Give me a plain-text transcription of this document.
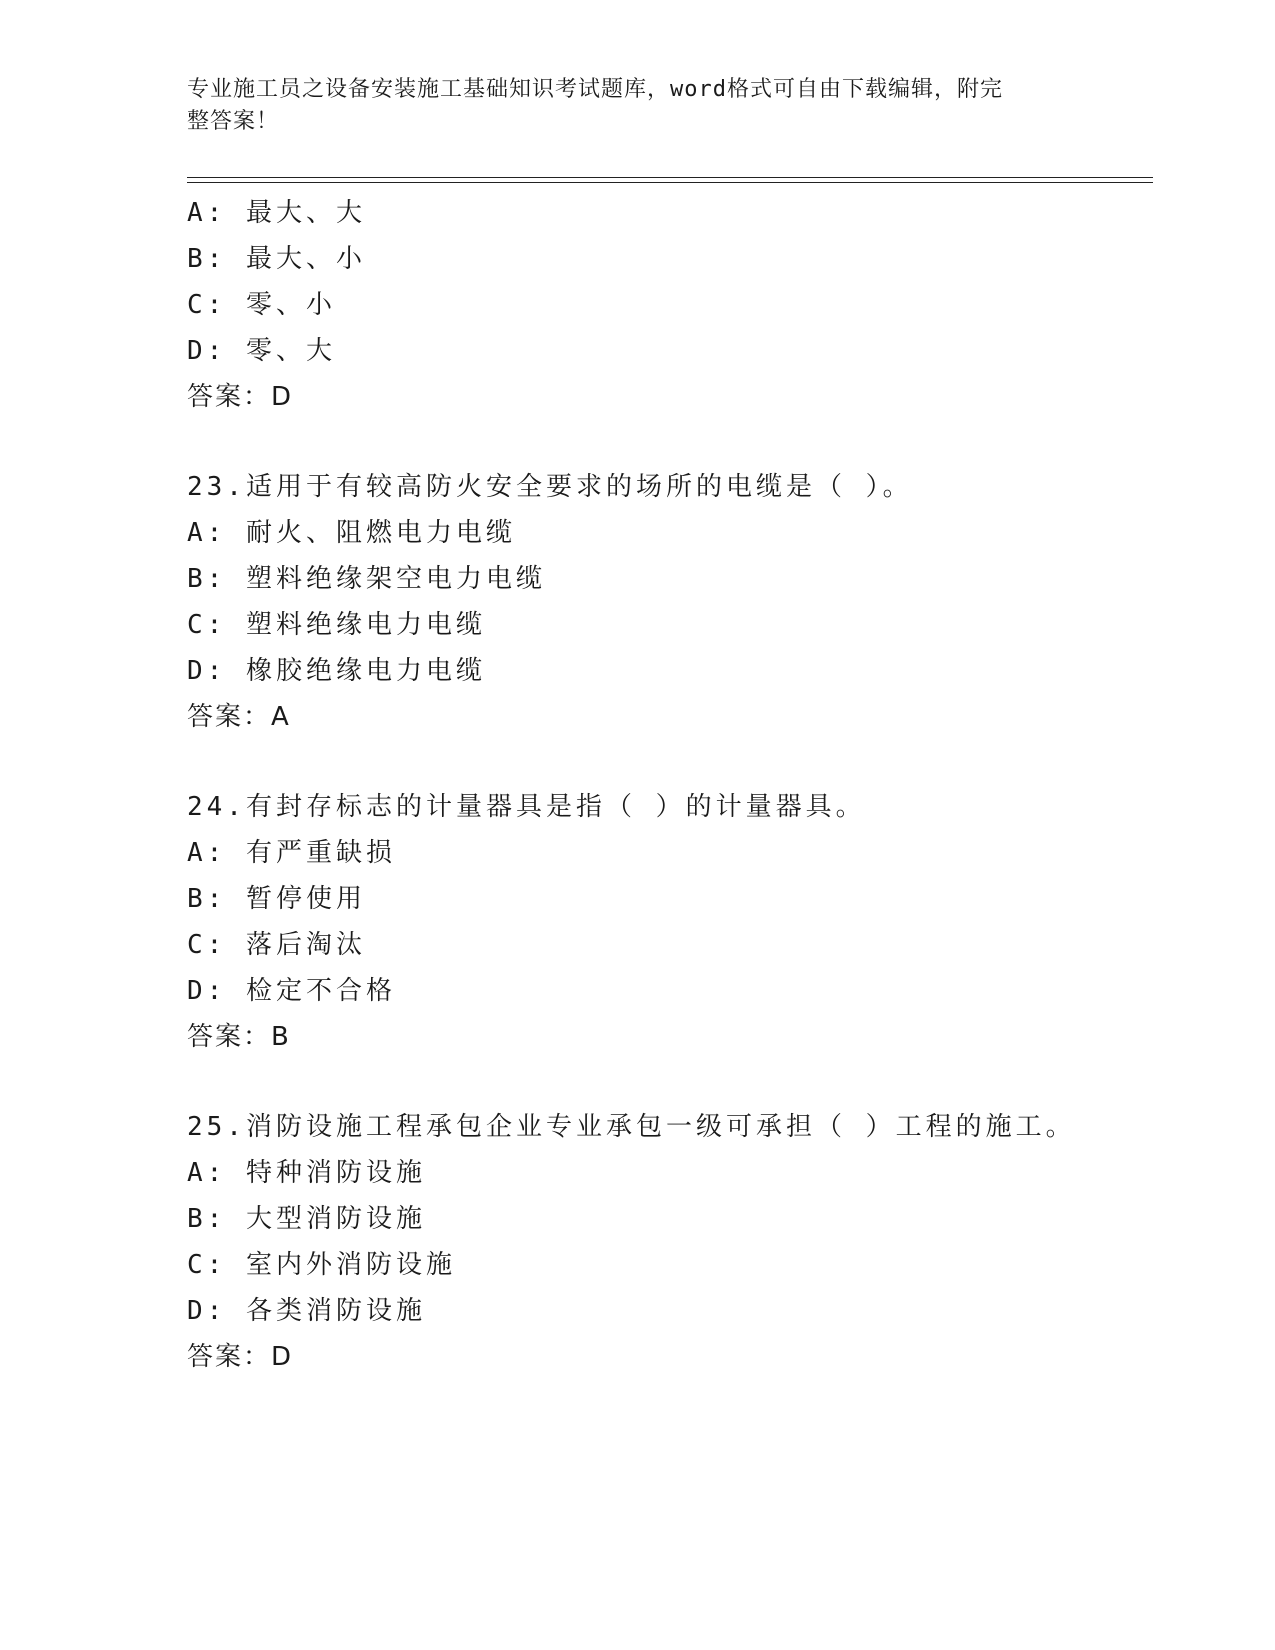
专业施工员之设备安装施工基础知识考试题库，word格式可自由下载编辑，附完
整答案！
A: 最大、大
B: 最大、小
C: 零、小
D: 零、大
答案：D
23.适用于有较高防火安全要求的场所的电缆是（ ）。
A: 耐火、阻燃电力电缆
B: 塑料绝缘架空电力电缆
C: 塑料绝缘电力电缆
D: 橡胶绝缘电力电缆
答案：A
24.有封存标志的计量器具是指（ ）的计量器具。
A: 有严重缺损
B: 暂停使用
C: 落后淘汰
D: 检定不合格
答案：B
25.消防设施工程承包企业专业承包一级可承担（ ）工程的施工。
A: 特种消防设施
B: 大型消防设施
C: 室内外消防设施
D: 各类消防设施
答案：D
